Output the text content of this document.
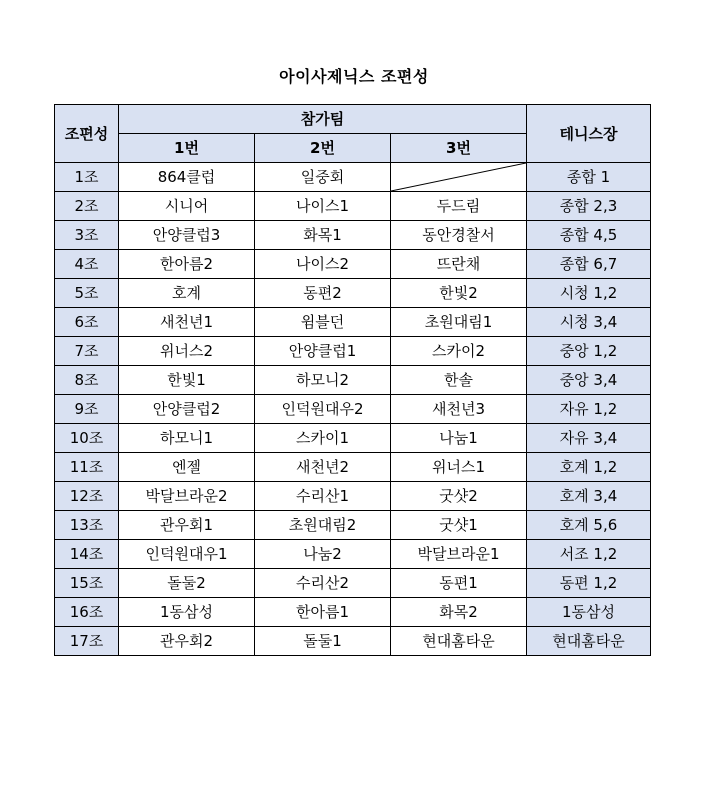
아이사제닉스 조편성
조편성	참가팀			테니스장
	1번	2번	3번	
1조	864클럽	일중회		종합 1
2조	시니어	나이스1	두드림	종합 2,3
3조	안양클럽3	화목1	동안경찰서	종합 4,5
4조	한아름2	나이스2	뜨란채	종합 6,7
5조	호계	동편2	한빛2	시청 1,2
6조	새천년1	윔블던	초원대림1	시청 3,4
7조	위너스2	안양클럽1	스카이2	중앙 1,2
8조	한빛1	하모니2	한솔	중앙 3,4
9조	안양클럽2	인덕원대우2	새천년3	자유 1,2
10조	하모니1	스카이1	나눔1	자유 3,4
11조	엔젤	새천년2	위너스1	호계 1,2
12조	박달브라운2	수리산1	굿샷2	호계 3,4
13조	관우회1	초원대림2	굿샷1	호계 5,6
14조	인덕원대우1	나눔2	박달브라운1	서조 1,2
15조	돌둘2	수리산2	동편1	동편 1,2
16조	1동삼성	한아름1	화목2	1동삼성
17조	관우회2	돌둘1	현대홈타운	현대홈타운
